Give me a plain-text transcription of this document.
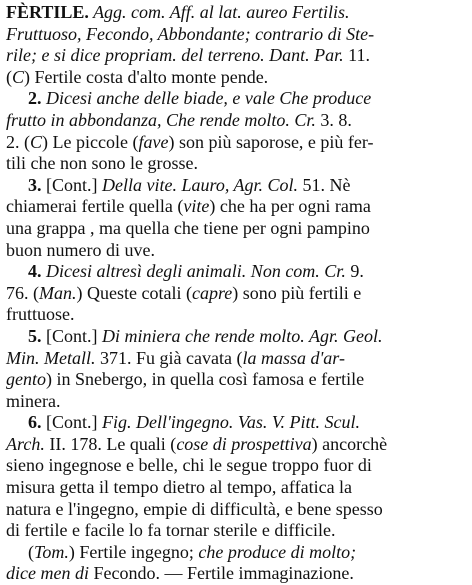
FÈRTILE. Agg. com. Aff. al lat. aureo Fertilis.
Fruttuoso, Fecondo, Abbondante; contrario di Ste-
rile; e si dice propriam. del terreno. Dant. Par. 11.
(C) Fertile costa d'alto monte pende.
2. Dicesi anche delle biade, e vale Che produce
frutto in abbondanza, Che rende molto. Cr. 3. 8.
2. (C) Le piccole (fave) son più saporose, e più fer-
tili che non sono le grosse.
3. [Cont.] Della vite. Lauro, Agr. Col. 51. Nè
chiamerai fertile quella (vite) che ha per ogni rama
una grappa , ma quella che tiene per ogni pampino
buon numero di uve.
4. Dicesi altresì degli animali. Non com. Cr. 9.
76. (Man.) Queste cotali (capre) sono più fertili e
fruttuose.
5. [Cont.] Di miniera che rende molto. Agr. Geol.
Min. Metall. 371. Fu già cavata (la massa d'ar-
gento) in Snebergo, in quella così famosa e fertile
minera.
6. [Cont.] Fig. Dell'ingegno. Vas. V. Pitt. Scul.
Arch. II. 178. Le quali (cose di prospettiva) ancorchè
sieno ingegnose e belle, chi le segue troppo fuor di
misura getta il tempo dietro al tempo, affatica la
natura e l'ingegno, empie di difficultà, e bene spesso
di fertile e facile lo fa tornar sterile e difficile.
(Tom.) Fertile ingegno; che produce di molto;
dice men di Fecondo. — Fertile immaginazione.
